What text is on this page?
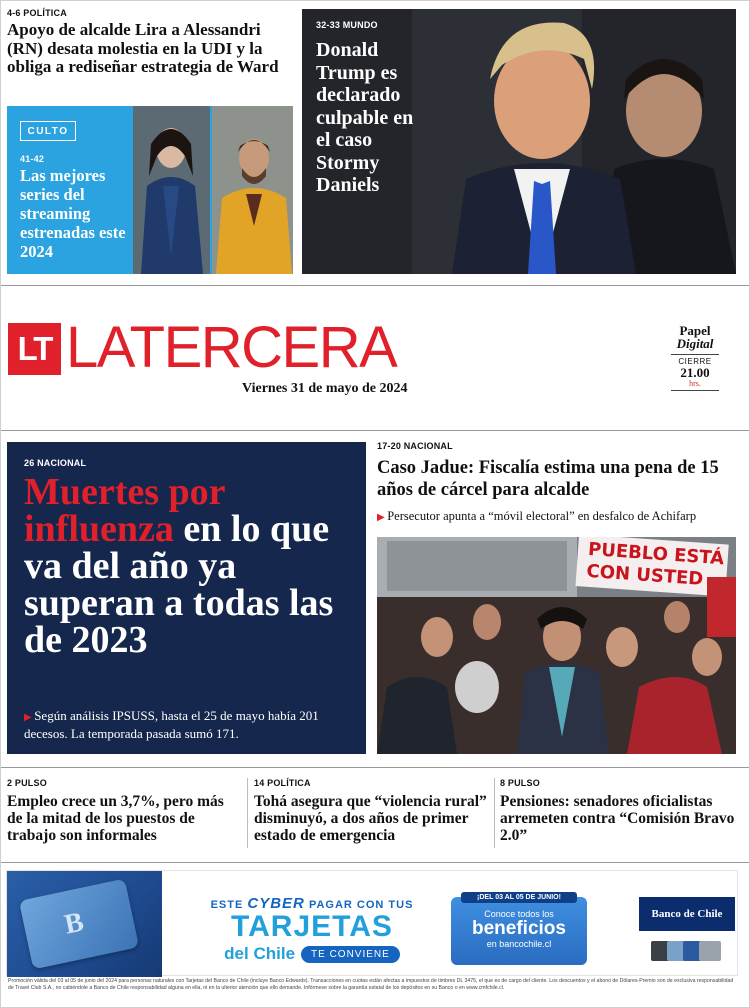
4-6 POLÍTICA
Apoyo de alcalde Lira a Alessandri (RN) desata molestia en la UDI y la obliga a rediseñar estrategia de Ward
CULTO
41-42
Las mejores series del streaming estrenadas este 2024
32-33 MUNDO
Donald Trump es declarado culpable en el caso Stormy Daniels
LT LATERCERA
Viernes 31 de mayo de 2024
Papel
Digital
CIERRE
21.00
hrs.
26 NACIONAL
Muertes por influenza en lo que va del año ya superan a todas las de 2023
▶ Según análisis IPSUSS, hasta el 25 de mayo había 201 decesos. La temporada pasada sumó 171.
17-20 NACIONAL
Caso Jadue: Fiscalía estima una pena de 15 años de cárcel para alcalde
▶ Persecutor apunta a “móvil electoral” en desfalco de Achifarp
PUEBLO ESTÁCON USTED
2 PULSO
Empleo crece un 3,7%, pero más de la mitad de los puestos de trabajo son informales
14 POLÍTICA
Tohá asegura que “violencia rural” disminuyó, a dos años de primer estado de emergencia
8 PULSO
Pensiones: senadores oficialistas arremeten contra “Comisión Bravo 2.0”
B
ESTE CYBER PAGAR CON TUS
TARJETAS
del Chile	TE CONVIENE
¡DEL 03 AL 05 DE JUNIO!
Conoce todos los
beneficios
en bancochile.cl
Banco de Chile
Promoción válida del 03 al 05 de junio del 2024 para personas naturales con Tarjetas del Banco de Chile (incluye Banco Edwards). Transacciones en cuotas están afectas a impuestos de timbres DL 3475, el que es de cargo del cliente. Los descuentos y el abono de Dólares-Premio son de exclusiva responsabilidad de Travel Club S.A., no cabiéndole a Banco de Chile responsabilidad alguna en ella, ni en la ulterior atención que ello demande. Infórmese sobre la garantía estatal de los depósitos en su Banco o en www.cmfchile.cl.
